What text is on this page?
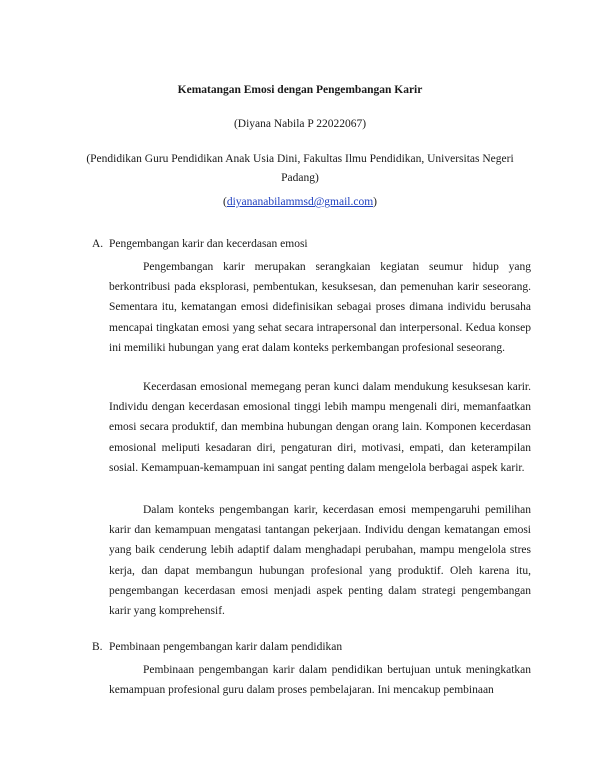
Kematangan Emosi dengan Pengembangan Karir
(Diyana Nabila P 22022067)
(Pendidikan Guru Pendidikan Anak Usia Dini, Fakultas Ilmu Pendidikan, Universitas Negeri Padang)
(diyananabilammsd@gmail.com)
A. Pengembangan karir dan kecerdasan emosi

Pengembangan karir merupakan serangkaian kegiatan seumur hidup yang berkontribusi pada eksplorasi, pembentukan, kesuksesan, dan pemenuhan karir seseorang. Sementara itu, kematangan emosi didefinisikan sebagai proses dimana individu berusaha mencapai tingkatan emosi yang sehat secara intrapersonal dan interpersonal. Kedua konsep ini memiliki hubungan yang erat dalam konteks perkembangan profesional seseorang.

Kecerdasan emosional memegang peran kunci dalam mendukung kesuksesan karir. Individu dengan kecerdasan emosional tinggi lebih mampu mengenali diri, memanfaatkan emosi secara produktif, dan membina hubungan dengan orang lain. Komponen kecerdasan emosional meliputi kesadaran diri, pengaturan diri, motivasi, empati, dan keterampilan sosial. Kemampuan-kemampuan ini sangat penting dalam mengelola berbagai aspek karir.

Dalam konteks pengembangan karir, kecerdasan emosi mempengaruhi pemilihan karir dan kemampuan mengatasi tantangan pekerjaan. Individu dengan kematangan emosi yang baik cenderung lebih adaptif dalam menghadapi perubahan, mampu mengelola stres kerja, dan dapat membangun hubungan profesional yang produktif. Oleh karena itu, pengembangan kecerdasan emosi menjadi aspek penting dalam strategi pengembangan karir yang komprehensif.

B. Pembinaan pengembangan karir dalam pendidikan

Pembinaan pengembangan karir dalam pendidikan bertujuan untuk meningkatkan kemampuan profesional guru dalam proses pembelajaran. Ini mencakup pembinaan
